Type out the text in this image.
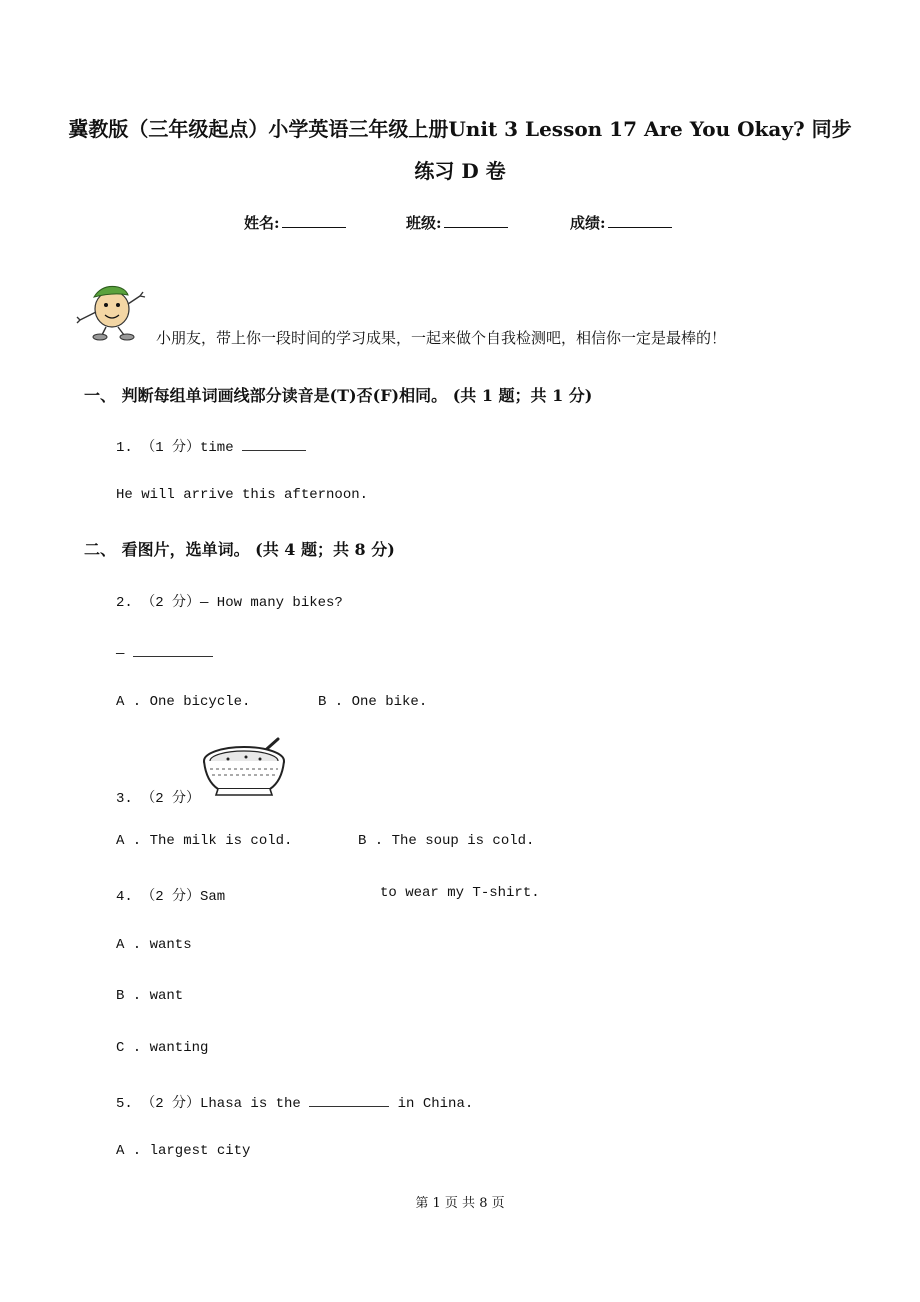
冀教版（三年级起点）小学英语三年级上册Unit 3 Lesson 17 Are You Okay? 同步
练习 D 卷
姓名:	班级:	成绩:
小朋友，带上你一段时间的学习成果，一起来做个自我检测吧，相信你一定是最棒的！
一、 判断每组单词画线部分读音是(T)否(F)相同。 (共 1 题；共 1 分)
1. （1 分）time
He will arrive this afternoon.
二、 看图片，选单词。 (共 4 题；共 8 分)
2. （2 分）— How many bikes?
—
A . One bicycle.	B . One bike.
3. （2 分）
A . The milk is cold.	B . The soup is cold.
4. （2 分）Sam	to wear my T-shirt.
A . wants
B . want
C . wanting
5. （2 分）Lhasa is the	in China.
A . largest city
第 1 页 共 8 页
